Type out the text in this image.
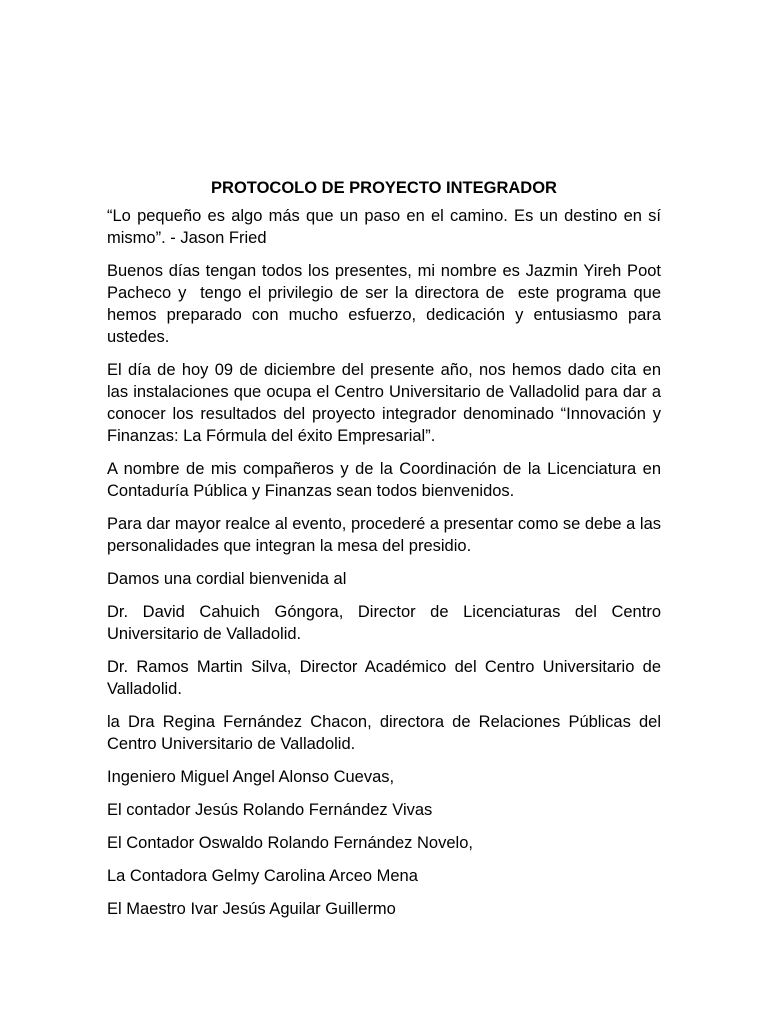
PROTOCOLO DE PROYECTO INTEGRADOR

“Lo pequeño es algo más que un paso en el camino. Es un destino en sí mismo”. - Jason Fried

Buenos días tengan todos los presentes, mi nombre es Jazmin Yireh Poot Pacheco y  tengo el privilegio de ser la directora de  este programa que hemos preparado con mucho esfuerzo, dedicación y entusiasmo para ustedes.

El día de hoy 09 de diciembre del presente año, nos hemos dado cita en las instalaciones que ocupa el Centro Universitario de Valladolid para dar a conocer los resultados del proyecto integrador denominado “Innovación y Finanzas: La Fórmula del éxito Empresarial”.

A nombre de mis compañeros y de la Coordinación de la Licenciatura en Contaduría Pública y Finanzas sean todos bienvenidos.

Para dar mayor realce al evento, procederé a presentar como se debe a las personalidades que integran la mesa del presidio.

Damos una cordial bienvenida al

Dr. David Cahuich Góngora, Director de Licenciaturas del Centro Universitario de Valladolid.

Dr. Ramos Martin Silva, Director Académico del Centro Universitario de Valladolid.

la Dra Regina Fernández Chacon, directora de Relaciones Públicas del Centro Universitario de Valladolid.

Ingeniero Miguel Angel Alonso Cuevas,

El contador Jesús Rolando Fernández Vivas

El Contador Oswaldo Rolando Fernández Novelo,

La Contadora Gelmy Carolina Arceo Mena

El Maestro Ivar Jesús Aguilar Guillermo
